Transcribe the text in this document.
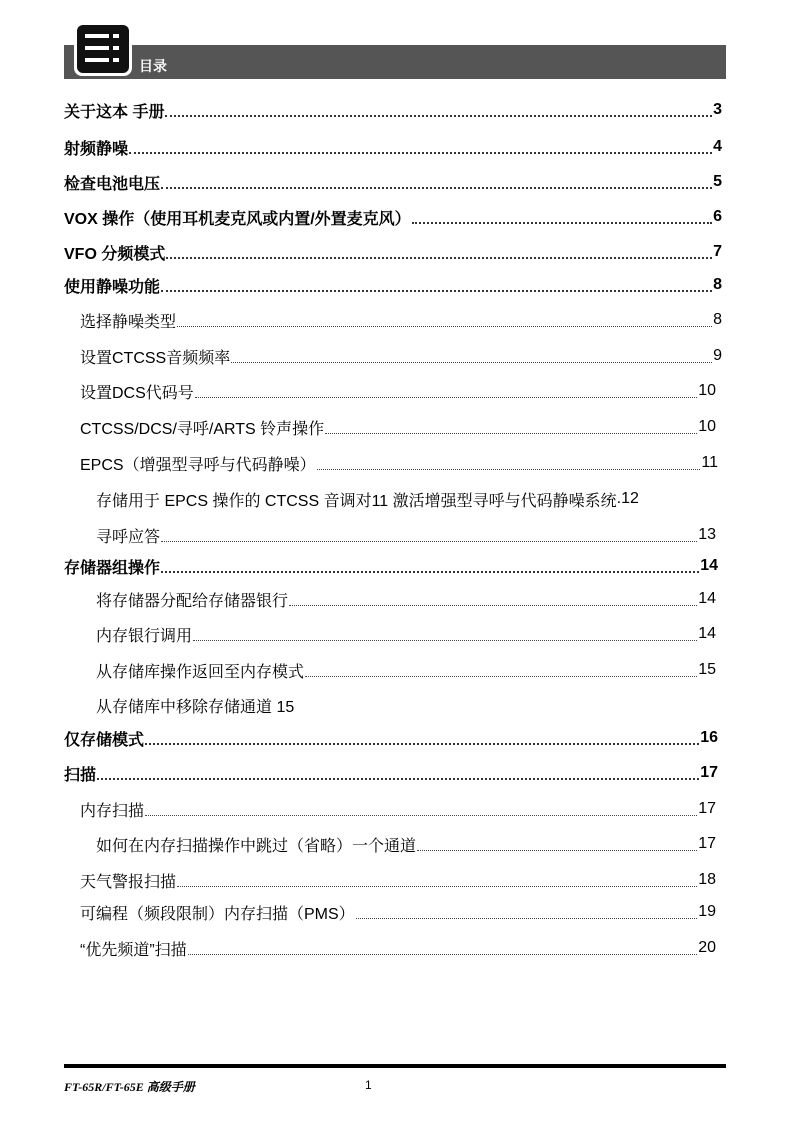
目录
关于这本 手册	3
射频静噪	4
检查电池电压	5
VOX 操作（使用耳机麦克风或内置/外置麦克风）	6
VFO 分频模式	7
使用静噪功能	8
选择静噪类型	8
设置CTCSS音频频率	9
设置DCS代码号	10
CTCSS/DCS/寻呼/ARTS 铃声操作	10
EPCS（增强型寻呼与代码静噪）	11
存储用于 EPCS 操作的 CTCSS 音调对11 激活增强型寻呼与代码静噪系统 .12
寻呼应答	13
存储器组操作	14
将存储器分配给存储器银行	14
内存银行调用	14
从存储库操作返回至内存模式	15
从存储库中移除存储通道 15
仅存储模式	16
扫描	17
内存扫描	17
如何在内存扫描操作中跳过（省略）一个通道	17
天气警报扫描	18
可编程（频段限制）内存扫描（PMS）	19
“优先频道”扫描	20
FT-65R/FT-65E 高级手册	1
